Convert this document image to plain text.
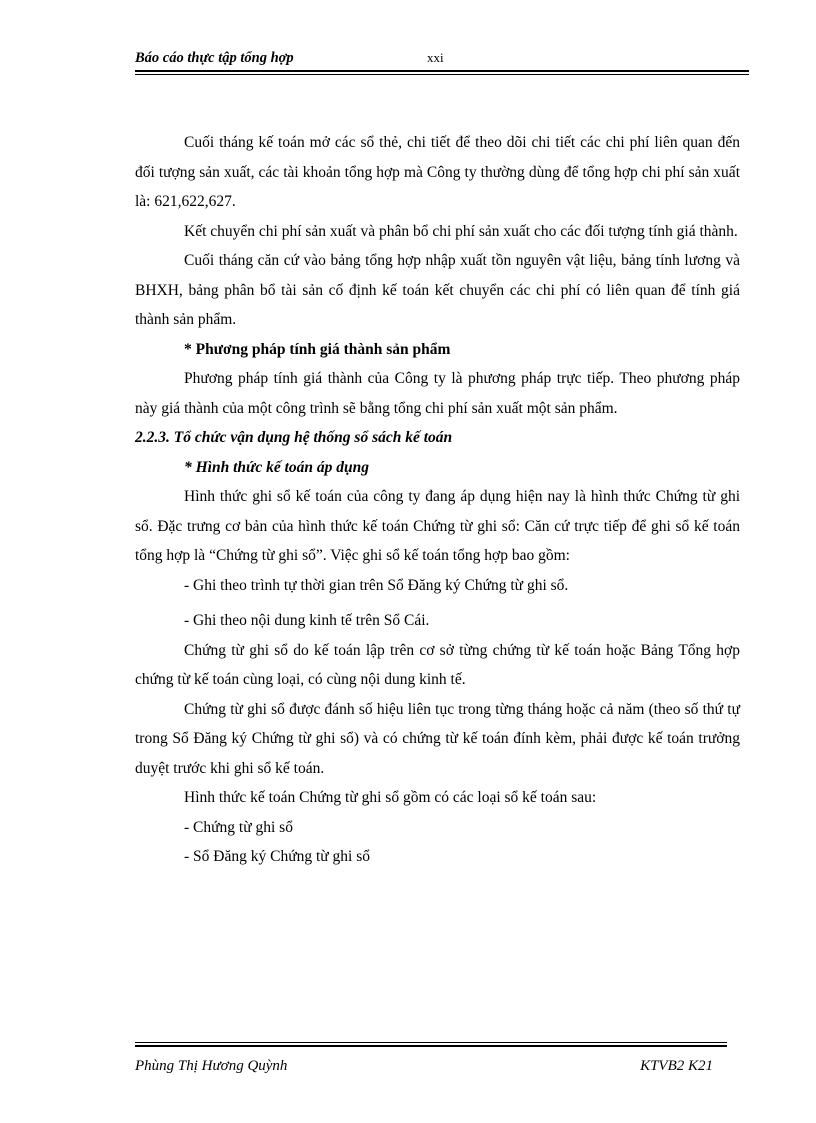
Báo cáo thực tập tổng hợp	xxi

Cuối tháng kế toán mở các sổ thẻ, chi tiết để theo dõi chi tiết các chi phí liên quan đến đối tượng sản xuất, các tài khoản tổng hợp mà Công ty thường dùng để tổng hợp chi phí sản xuất là: 621,622,627.

Kết chuyển chi phí sản xuất và phân bổ chi phí sản xuất cho các đối tượng tính giá thành.

Cuối tháng căn cứ vào bảng tổng hợp nhập xuất tồn nguyên vật liệu, bảng tính lương và BHXH, bảng phân bổ tài sản cố định kế toán kết chuyển các chi phí có liên quan để tính giá thành sản phẩm.

* Phương pháp tính giá thành sản phẩm

Phương pháp tính giá thành của Công ty là phương pháp trực tiếp. Theo phương pháp này giá thành của một công trình sẽ bằng tổng chi phí sản xuất một sản phẩm.

2.2.3. Tổ chức vận dụng hệ thống sổ sách kế toán

* Hình thức kế toán áp dụng

Hình thức ghi sổ kế toán của công ty đang áp dụng hiện nay là hình thức Chứng từ ghi sổ. Đặc trưng cơ bản của hình thức kế toán Chứng từ ghi sổ: Căn cứ trực tiếp để ghi sổ kế toán tổng hợp là “Chứng từ ghi sổ”. Việc ghi sổ kế toán tổng hợp bao gồm:

- Ghi theo trình tự thời gian trên Sổ Đăng ký Chứng từ ghi sổ.

- Ghi theo nội dung kinh tế trên Sổ Cái.

Chứng từ ghi sổ do kế toán lập trên cơ sở từng chứng từ kế toán hoặc Bảng Tổng hợp chứng từ kế toán cùng loại, có cùng nội dung kinh tế.

Chứng từ ghi sổ được đánh số hiệu liên tục trong từng tháng hoặc cả năm (theo số thứ tự trong Sổ Đăng ký Chứng từ ghi sổ) và có chứng từ kế toán đính kèm, phải được kế toán trưởng duyệt trước khi ghi sổ kế toán.

Hình thức kế toán Chứng từ ghi sổ gồm có các loại sổ kế toán sau:

- Chứng từ ghi sổ

- Sổ Đăng ký Chứng từ ghi sổ

Phùng Thị Hương Quỳnh	KTVB2 K21
